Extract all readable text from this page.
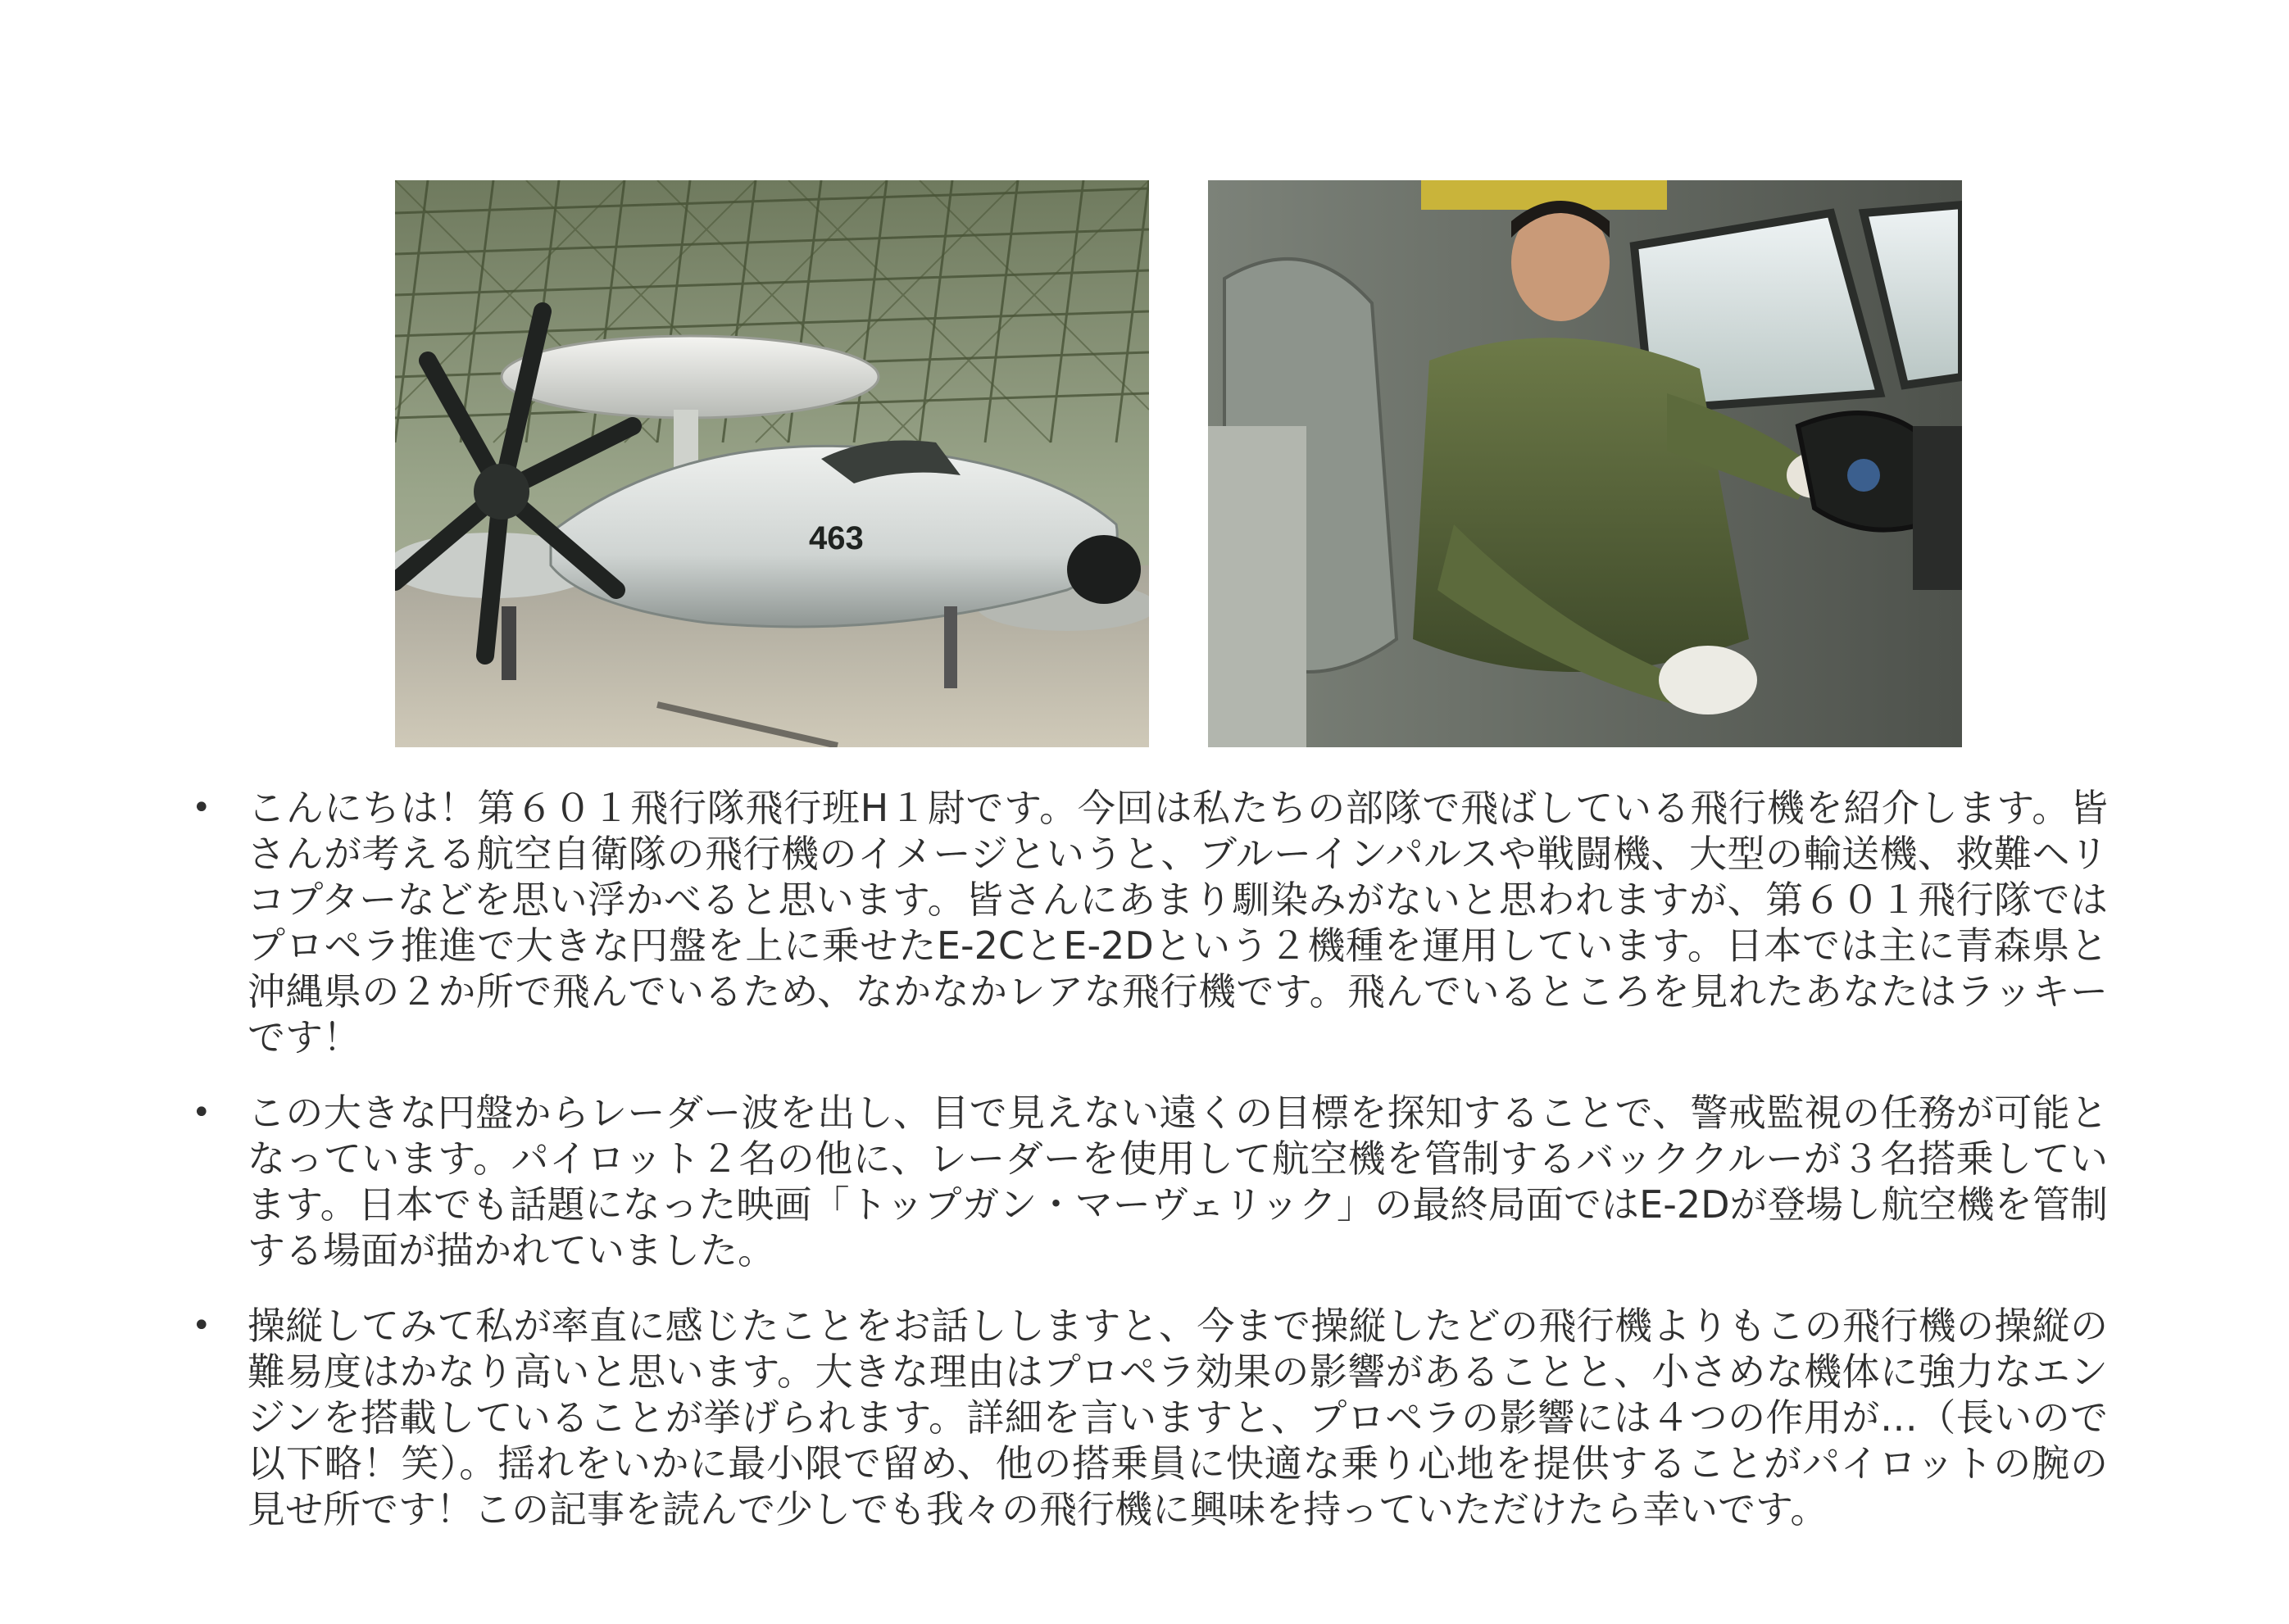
463
• こんにちは！第６０１飛行隊飛行班H１尉です。今回は私たちの部隊で飛ばしている飛行機を紹介します。皆さんが考える航空自衛隊の飛行機のイメージというと、ブルーインパルスや戦闘機、大型の輸送機、救難ヘリコプターなどを思い浮かべると思います。皆さんにあまり馴染みがないと思われますが、第６０１飛行隊ではプロペラ推進で大きな円盤を上に乗せたE-2CとE-2Dという２機種を運用しています。日本では主に青森県と沖縄県の２か所で飛んでいるため、なかなかレアな飛行機です。飛んでいるところを見れたあなたはラッキーです！

• この大きな円盤からレーダー波を出し、目で見えない遠くの目標を探知することで、警戒監視の任務が可能となっています。パイロット２名の他に、レーダーを使用して航空機を管制するバッククルーが３名搭乗しています。日本でも話題になった映画「トップガン・マーヴェリック」の最終局面ではE-2Dが登場し航空機を管制する場面が描かれていました。

• 操縦してみて私が率直に感じたことをお話ししますと、今まで操縦したどの飛行機よりもこの飛行機の操縦の難易度はかなり高いと思います。大きな理由はプロペラ効果の影響があることと、小さめな機体に強力なエンジンを搭載していることが挙げられます。詳細を言いますと、プロペラの影響には４つの作用が…（長いので以下略！笑）。揺れをいかに最小限で留め、他の搭乗員に快適な乗り心地を提供することがパイロットの腕の見せ所です！この記事を読んで少しでも我々の飛行機に興味を持っていただけたら幸いです。
